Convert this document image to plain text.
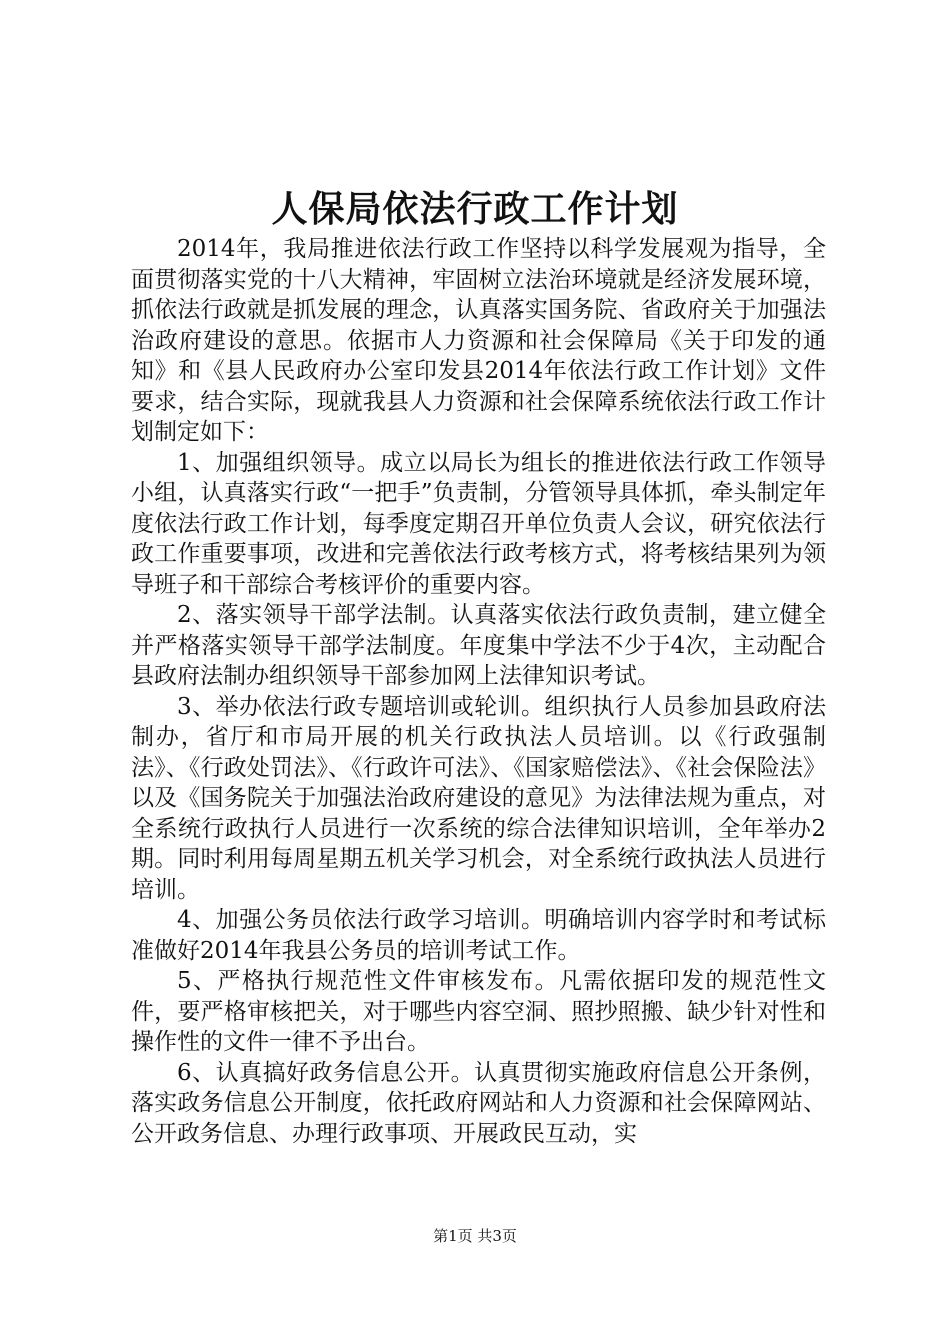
人保局依法行政工作计划

2014年，我局推进依法行政工作坚持以科学发展观为指导，全面贯彻落实党的十八大精神，牢固树立法治环境就是经济发展环境，抓依法行政就是抓发展的理念，认真落实国务院、省政府关于加强法治政府建设的意思。依据市人力资源和社会保障局《关于印发的通知》和《县人民政府办公室印发县2014年依法行政工作计划》文件要求，结合实际，现就我县人力资源和社会保障系统依法行政工作计划制定如下：

1、加强组织领导。成立以局长为组长的推进依法行政工作领导小组，认真落实行政“一把手”负责制，分管领导具体抓，牵头制定年度依法行政工作计划，每季度定期召开单位负责人会议，研究依法行政工作重要事项，改进和完善依法行政考核方式，将考核结果列为领导班子和干部综合考核评价的重要内容。

2、落实领导干部学法制。认真落实依法行政负责制，建立健全并严格落实领导干部学法制度。年度集中学法不少于4次，主动配合县政府法制办组织领导干部参加网上法律知识考试。

3、举办依法行政专题培训或轮训。组织执行人员参加县政府法制办，省厅和市局开展的机关行政执法人员培训。以《行政强制法》、《行政处罚法》、《行政许可法》、《国家赔偿法》、《社会保险法》以及《国务院关于加强法治政府建设的意见》为法律法规为重点，对全系统行政执行人员进行一次系统的综合法律知识培训，全年举办2期。同时利用每周星期五机关学习机会，对全系统行政执法人员进行培训。

4、加强公务员依法行政学习培训。明确培训内容学时和考试标准做好2014年我县公务员的培训考试工作。

5、严格执行规范性文件审核发布。凡需依据印发的规范性文件，要严格审核把关，对于哪些内容空洞、照抄照搬、缺少针对性和操作性的文件一律不予出台。

6、认真搞好政务信息公开。认真贯彻实施政府信息公开条例，落实政务信息公开制度，依托政府网站和人力资源和社会保障网站、公开政务信息、办理行政事项、开展政民互动，实

第1页 共3页
